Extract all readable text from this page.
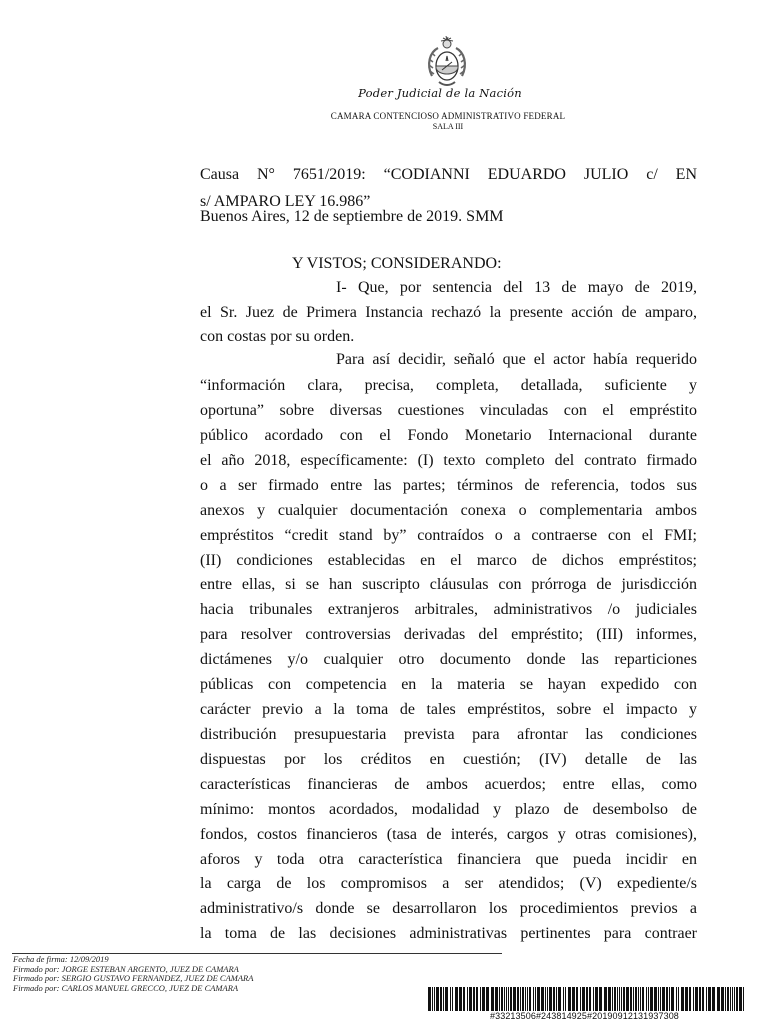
Poder Judicial de la Nación
CAMARA CONTENCIOSO ADMINISTRATIVO FEDERAL
SALA III
Causa N° 7651/2019: “CODIANNI EDUARDO JULIO c/ EN
s/ AMPARO LEY 16.986”
Buenos Aires, 12 de septiembre de 2019. SMM
Y VISTOS; CONSIDERANDO:
I- Que, por sentencia del 13 de mayo de 2019,
el Sr. Juez de Primera Instancia rechazó la presente acción de amparo,
con costas por su orden.
Para así decidir, señaló que el actor había requerido
“información clara, precisa, completa, detallada, suficiente y
oportuna” sobre diversas cuestiones vinculadas con el empréstito
público acordado con el Fondo Monetario Internacional durante
el año 2018, específicamente: (I) texto completo del contrato firmado
o a ser firmado entre las partes; términos de referencia, todos sus
anexos y cualquier documentación conexa o complementaria ambos
empréstitos “credit stand by” contraídos o a contraerse con el FMI;
(II) condiciones establecidas en el marco de dichos empréstitos;
entre ellas, si se han suscripto cláusulas con prórroga de jurisdicción
hacia tribunales extranjeros arbitrales, administrativos /o judiciales
para resolver controversias derivadas del empréstito; (III) informes,
dictámenes y/o cualquier otro documento donde las reparticiones
públicas con competencia en la materia se hayan expedido con
carácter previo a la toma de tales empréstitos, sobre el impacto y
distribución presupuestaria prevista para afrontar las condiciones
dispuestas por los créditos en cuestión; (IV) detalle de las
características financieras de ambos acuerdos; entre ellas, como
mínimo: montos acordados, modalidad y plazo de desembolso de
fondos, costos financieros (tasa de interés, cargos y otras comisiones),
aforos y toda otra característica financiera que pueda incidir en
la carga de los compromisos a ser atendidos; (V) expediente/s
administrativo/s donde se desarrollaron los procedimientos previos a
la toma de las decisiones administrativas pertinentes para contraer
Fecha de firma: 12/09/2019
Firmado por: JORGE ESTEBAN ARGENTO, JUEZ DE CAMARA
Firmado por: SERGIO GUSTAVO FERNANDEZ, JUEZ DE CAMARA
Firmado por: CARLOS MANUEL GRECCO, JUEZ DE CAMARA
#33213506#243814925#20190912131937308
